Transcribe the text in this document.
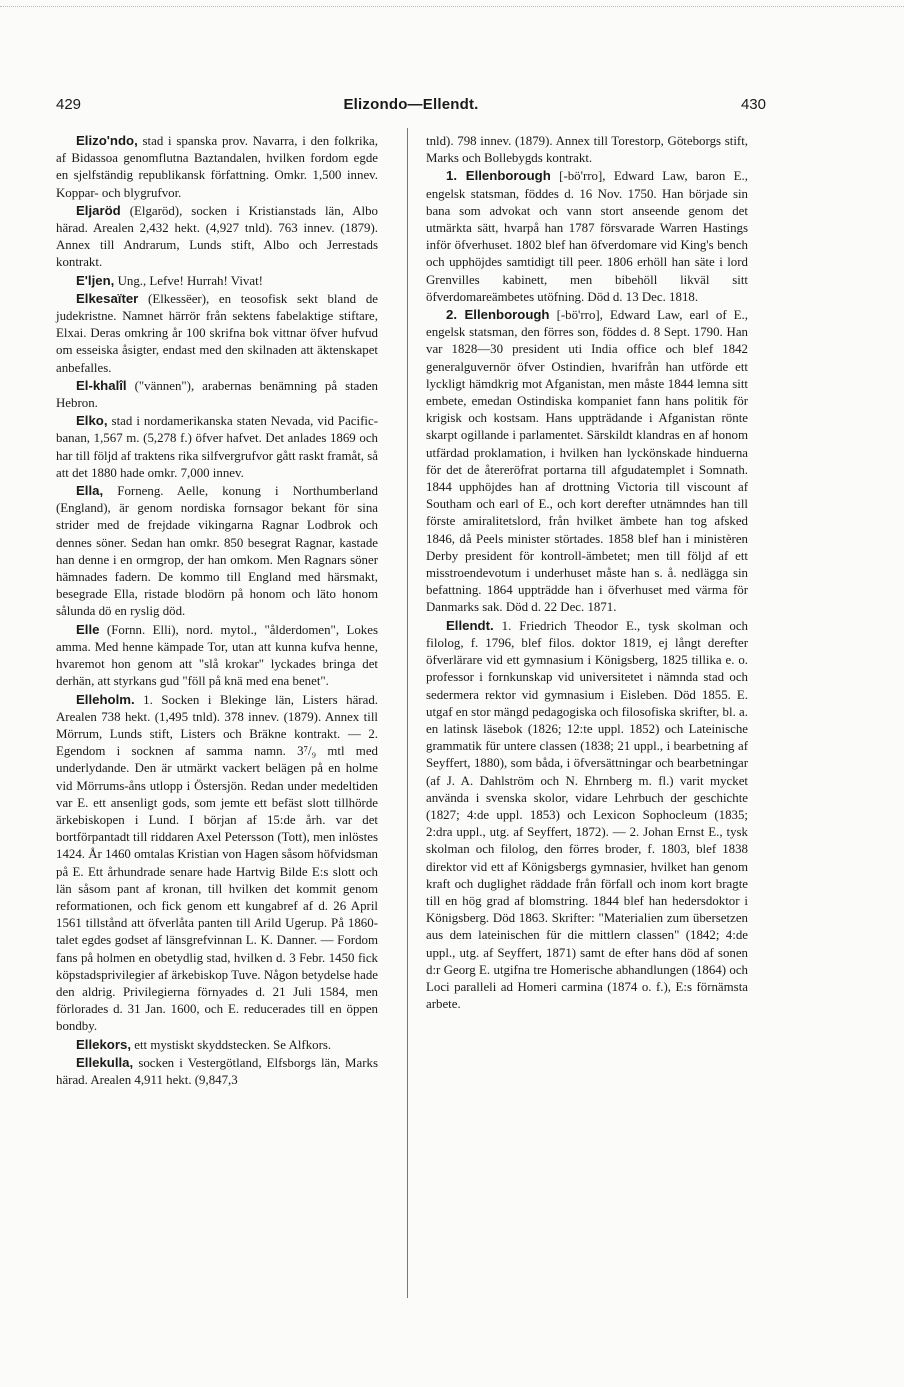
429	Elizondo—Ellendt.	430

Elizo'ndo, stad i spanska prov. Navarra, i den folkrika, af Bidassoa genomflutna Baztandalen, hvilken fordom egde en sjelfständig republikansk författning. Omkr. 1,500 innev. Koppar- och blygrufvor.

Eljaröd (Elgaröd), socken i Kristianstads län, Albo härad. Arealen 2,432 hekt. (4,927 tnld). 763 innev. (1879). Annex till Andrarum, Lunds stift, Albo och Jerrestads kontrakt.

E'ljen, Ung., Lefve! Hurrah! Vivat!

Elkesaïter (Elkessëer), en teosofisk sekt bland de judekristne. Namnet härrör från sektens fabelaktige stiftare, Elxai. Deras omkring år 100 skrifna bok vittnar öfver hufvud om esseiska åsigter, endast med den skilnaden att äktenskapet anbefalles.

El-khalîl ("vännen"), arabernas benämning på staden Hebron.

Elko, stad i nordamerikanska staten Nevada, vid Pacific-banan, 1,567 m. (5,278 f.) öfver hafvet. Det anlades 1869 och har till följd af traktens rika silfvergrufvor gått raskt framåt, så att det 1880 hade omkr. 7,000 innev.

Ella, Forneng. Aelle, konung i Northumberland (England), är genom nordiska fornsagor bekant för sina strider med de frejdade vikingarna Ragnar Lodbrok och dennes söner. Sedan han omkr. 850 besegrat Ragnar, kastade han denne i en ormgrop, der han omkom. Men Ragnars söner hämnades fadern. De kommo till England med härsmakt, besegrade Ella, ristade blodörn på honom och läto honom sålunda dö en ryslig död.

Elle (Fornn. Elli), nord. mytol., "ålderdomen", Lokes amma. Med henne kämpade Tor, utan att kunna kufva henne, hvaremot hon genom att "slå krokar" lyckades bringa det derhän, att styrkans gud "föll på knä med ena benet".

Elleholm. 1. Socken i Blekinge län, Listers härad. Arealen 738 hekt. (1,495 tnld). 378 innev. (1879). Annex till Mörrum, Lunds stift, Listers och Bräkne kontrakt. — 2. Egendom i socknen af samma namn. 3⁷/₉ mtl med underlydande. Den är utmärkt vackert belägen på en holme vid Mörrums-åns utlopp i Östersjön. Redan under medeltiden var E. ett ansenligt gods, som jemte ett befäst slott tillhörde ärkebiskopen i Lund. I början af 15:de årh. var det bortförpantadt till riddaren Axel Petersson (Tott), men inlöstes 1424. År 1460 omtalas Kristian von Hagen såsom höfvidsman på E. Ett århundrade senare hade Hartvig Bilde E:s slott och län såsom pant af kronan, till hvilken det kommit genom reformationen, och fick genom ett kungabref af d. 26 April 1561 tillstånd att öfverlåta panten till Arild Ugerup. På 1860-talet egdes godset af länsgrefvinnan L. K. Danner. — Fordom fans på holmen en obetydlig stad, hvilken d. 3 Febr. 1450 fick köpstadsprivilegier af ärkebiskop Tuve. Någon betydelse hade den aldrig. Privilegierna förnyades d. 21 Juli 1584, men förlorades d. 31 Jan. 1600, och E. reducerades till en öppen bondby.

Ellekors, ett mystiskt skyddstecken. Se Alfkors.

Ellekulla, socken i Vestergötland, Elfsborgs län, Marks härad. Arealen 4,911 hekt. (9,847,3

tnld). 798 innev. (1879). Annex till Torestorp, Göteborgs stift, Marks och Bollebygds kontrakt.

1. Ellenborough [-bö'rro], Edward Law, baron E., engelsk statsman, föddes d. 16 Nov. 1750. Han började sin bana som advokat och vann stort anseende genom det utmärkta sätt, hvarpå han 1787 försvarade Warren Hastings inför öfverhuset. 1802 blef han öfverdomare vid King's bench och upphöjdes samtidigt till peer. 1806 erhöll han säte i lord Grenvilles kabinett, men bibehöll likväl sitt öfverdomareämbetes utöfning. Död d. 13 Dec. 1818.

2. Ellenborough [-bö'rro], Edward Law, earl of E., engelsk statsman, den förres son, föddes d. 8 Sept. 1790. Han var 1828—30 president uti India office och blef 1842 generalguvernör öfver Ostindien, hvarifrån han utförde ett lyckligt hämdkrig mot Afganistan, men måste 1844 lemna sitt embete, emedan Ostindiska kompaniet fann hans politik för krigisk och kostsam. Hans uppträdande i Afganistan rönte skarpt ogillande i parlamentet. Särskildt klandras en af honom utfärdad proklamation, i hvilken han lyckönskade hinduerna för det de återeröfrat portarna till afgudatemplet i Somnath. 1844 upphöjdes han af drottning Victoria till viscount af Southam och earl of E., och kort derefter utnämndes han till förste amiralitetslord, från hvilket ämbete han tog afsked 1846, då Peels minister störtades. 1858 blef han i ministèren Derby president för kontroll-ämbetet; men till följd af ett misstroendevotum i underhuset måste han s. å. nedlägga sin befattning. 1864 uppträdde han i öfverhuset med värma för Danmarks sak. Död d. 22 Dec. 1871.

Ellendt. 1. Friedrich Theodor E., tysk skolman och filolog, f. 1796, blef filos. doktor 1819, ej långt derefter öfverlärare vid ett gymnasium i Königsberg, 1825 tillika e. o. professor i fornkunskap vid universitetet i nämnda stad och sedermera rektor vid gymnasium i Eisleben. Död 1855. E. utgaf en stor mängd pedagogiska och filosofiska skrifter, bl. a. en latinsk läsebok (1826; 12:te uppl. 1852) och Lateinische grammatik für untere classen (1838; 21 uppl., i bearbetning af Seyffert, 1880), som båda, i öfversättningar och bearbetningar (af J. A. Dahlström och N. Ehrnberg m. fl.) varit mycket använda i svenska skolor, vidare Lehrbuch der geschichte (1827; 4:de uppl. 1853) och Lexicon Sophocleum (1835; 2:dra uppl., utg. af Seyffert, 1872). — 2. Johan Ernst E., tysk skolman och filolog, den förres broder, f. 1803, blef 1838 direktor vid ett af Königsbergs gymnasier, hvilket han genom kraft och duglighet räddade från förfall och inom kort bragte till en hög grad af blomstring. 1844 blef han hedersdoktor i Königsberg. Död 1863. Skrifter: "Materialien zum übersetzen aus dem lateinischen für die mittlern classen" (1842; 4:de uppl., utg. af Seyffert, 1871) samt de efter hans död af sonen d:r Georg E. utgifna tre Homerische abhandlungen (1864) och Loci paralleli ad Homeri carmina (1874 o. f.), E:s förnämsta arbete.
